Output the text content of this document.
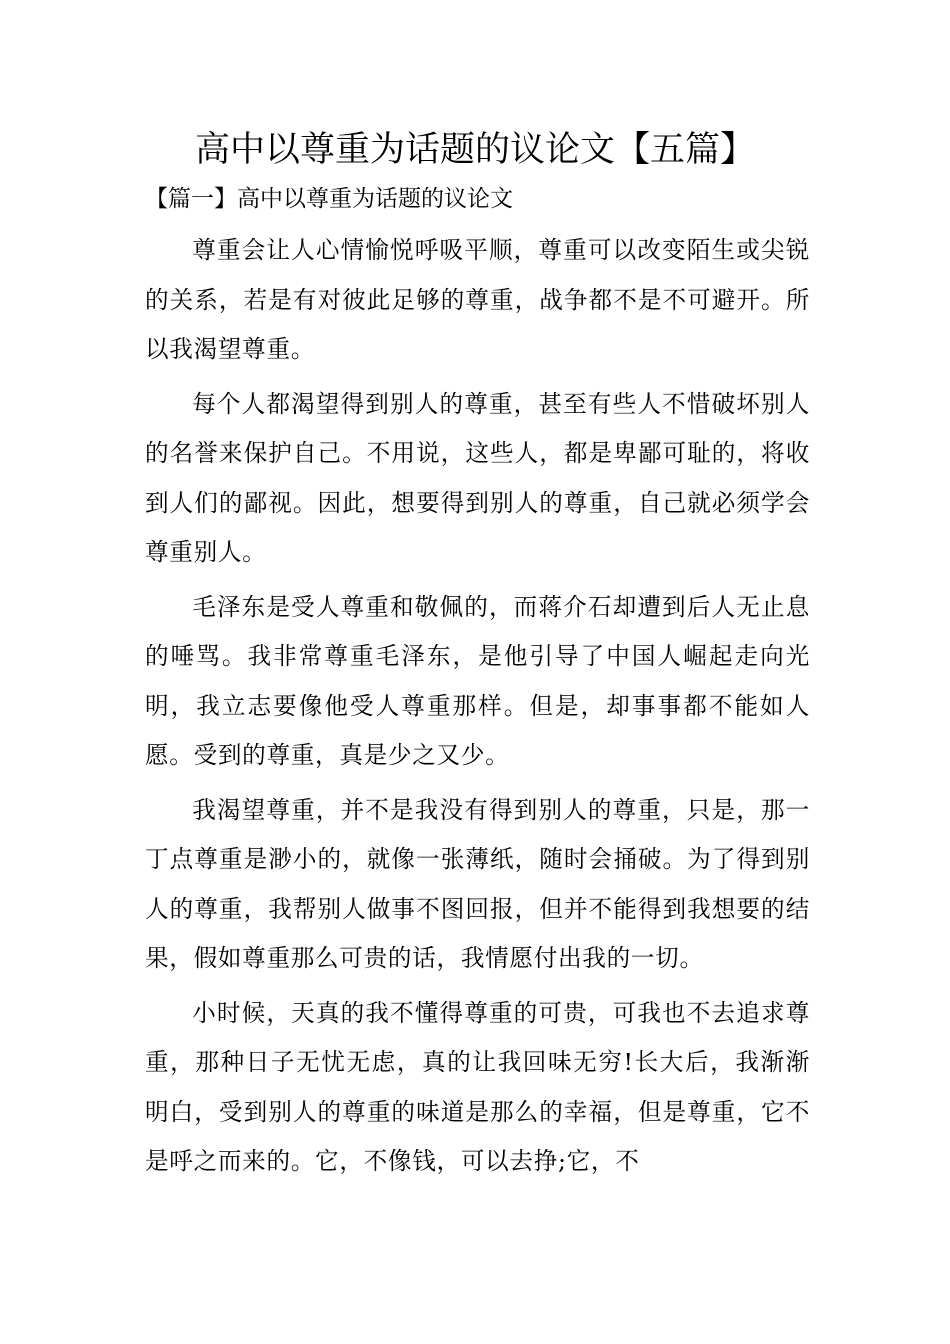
高中以尊重为话题的议论文【五篇】
【篇一】高中以尊重为话题的议论文

尊重会让人心情愉悦呼吸平顺，尊重可以改变陌生或尖锐的关系，若是有对彼此足够的尊重，战争都不是不可避开。所以我渴望尊重。

每个人都渴望得到别人的尊重，甚至有些人不惜破坏别人的名誉来保护自己。不用说，这些人，都是卑鄙可耻的，将收到人们的鄙视。因此，想要得到别人的尊重，自己就必须学会尊重别人。

毛泽东是受人尊重和敬佩的，而蒋介石却遭到后人无止息的唾骂。我非常尊重毛泽东，是他引导了中国人崛起走向光明，我立志要像他受人尊重那样。但是，却事事都不能如人愿。受到的尊重，真是少之又少。

我渴望尊重，并不是我没有得到别人的尊重，只是，那一丁点尊重是渺小的，就像一张薄纸，随时会捅破。为了得到别人的尊重，我帮别人做事不图回报，但并不能得到我想要的结果，假如尊重那么可贵的话，我情愿付出我的一切。

小时候，天真的我不懂得尊重的可贵，可我也不去追求尊重，那种日子无忧无虑，真的让我回味无穷!长大后，我渐渐明白，受到别人的尊重的味道是那么的幸福，但是尊重，它不是呼之而来的。它，不像钱，可以去挣;它，不
